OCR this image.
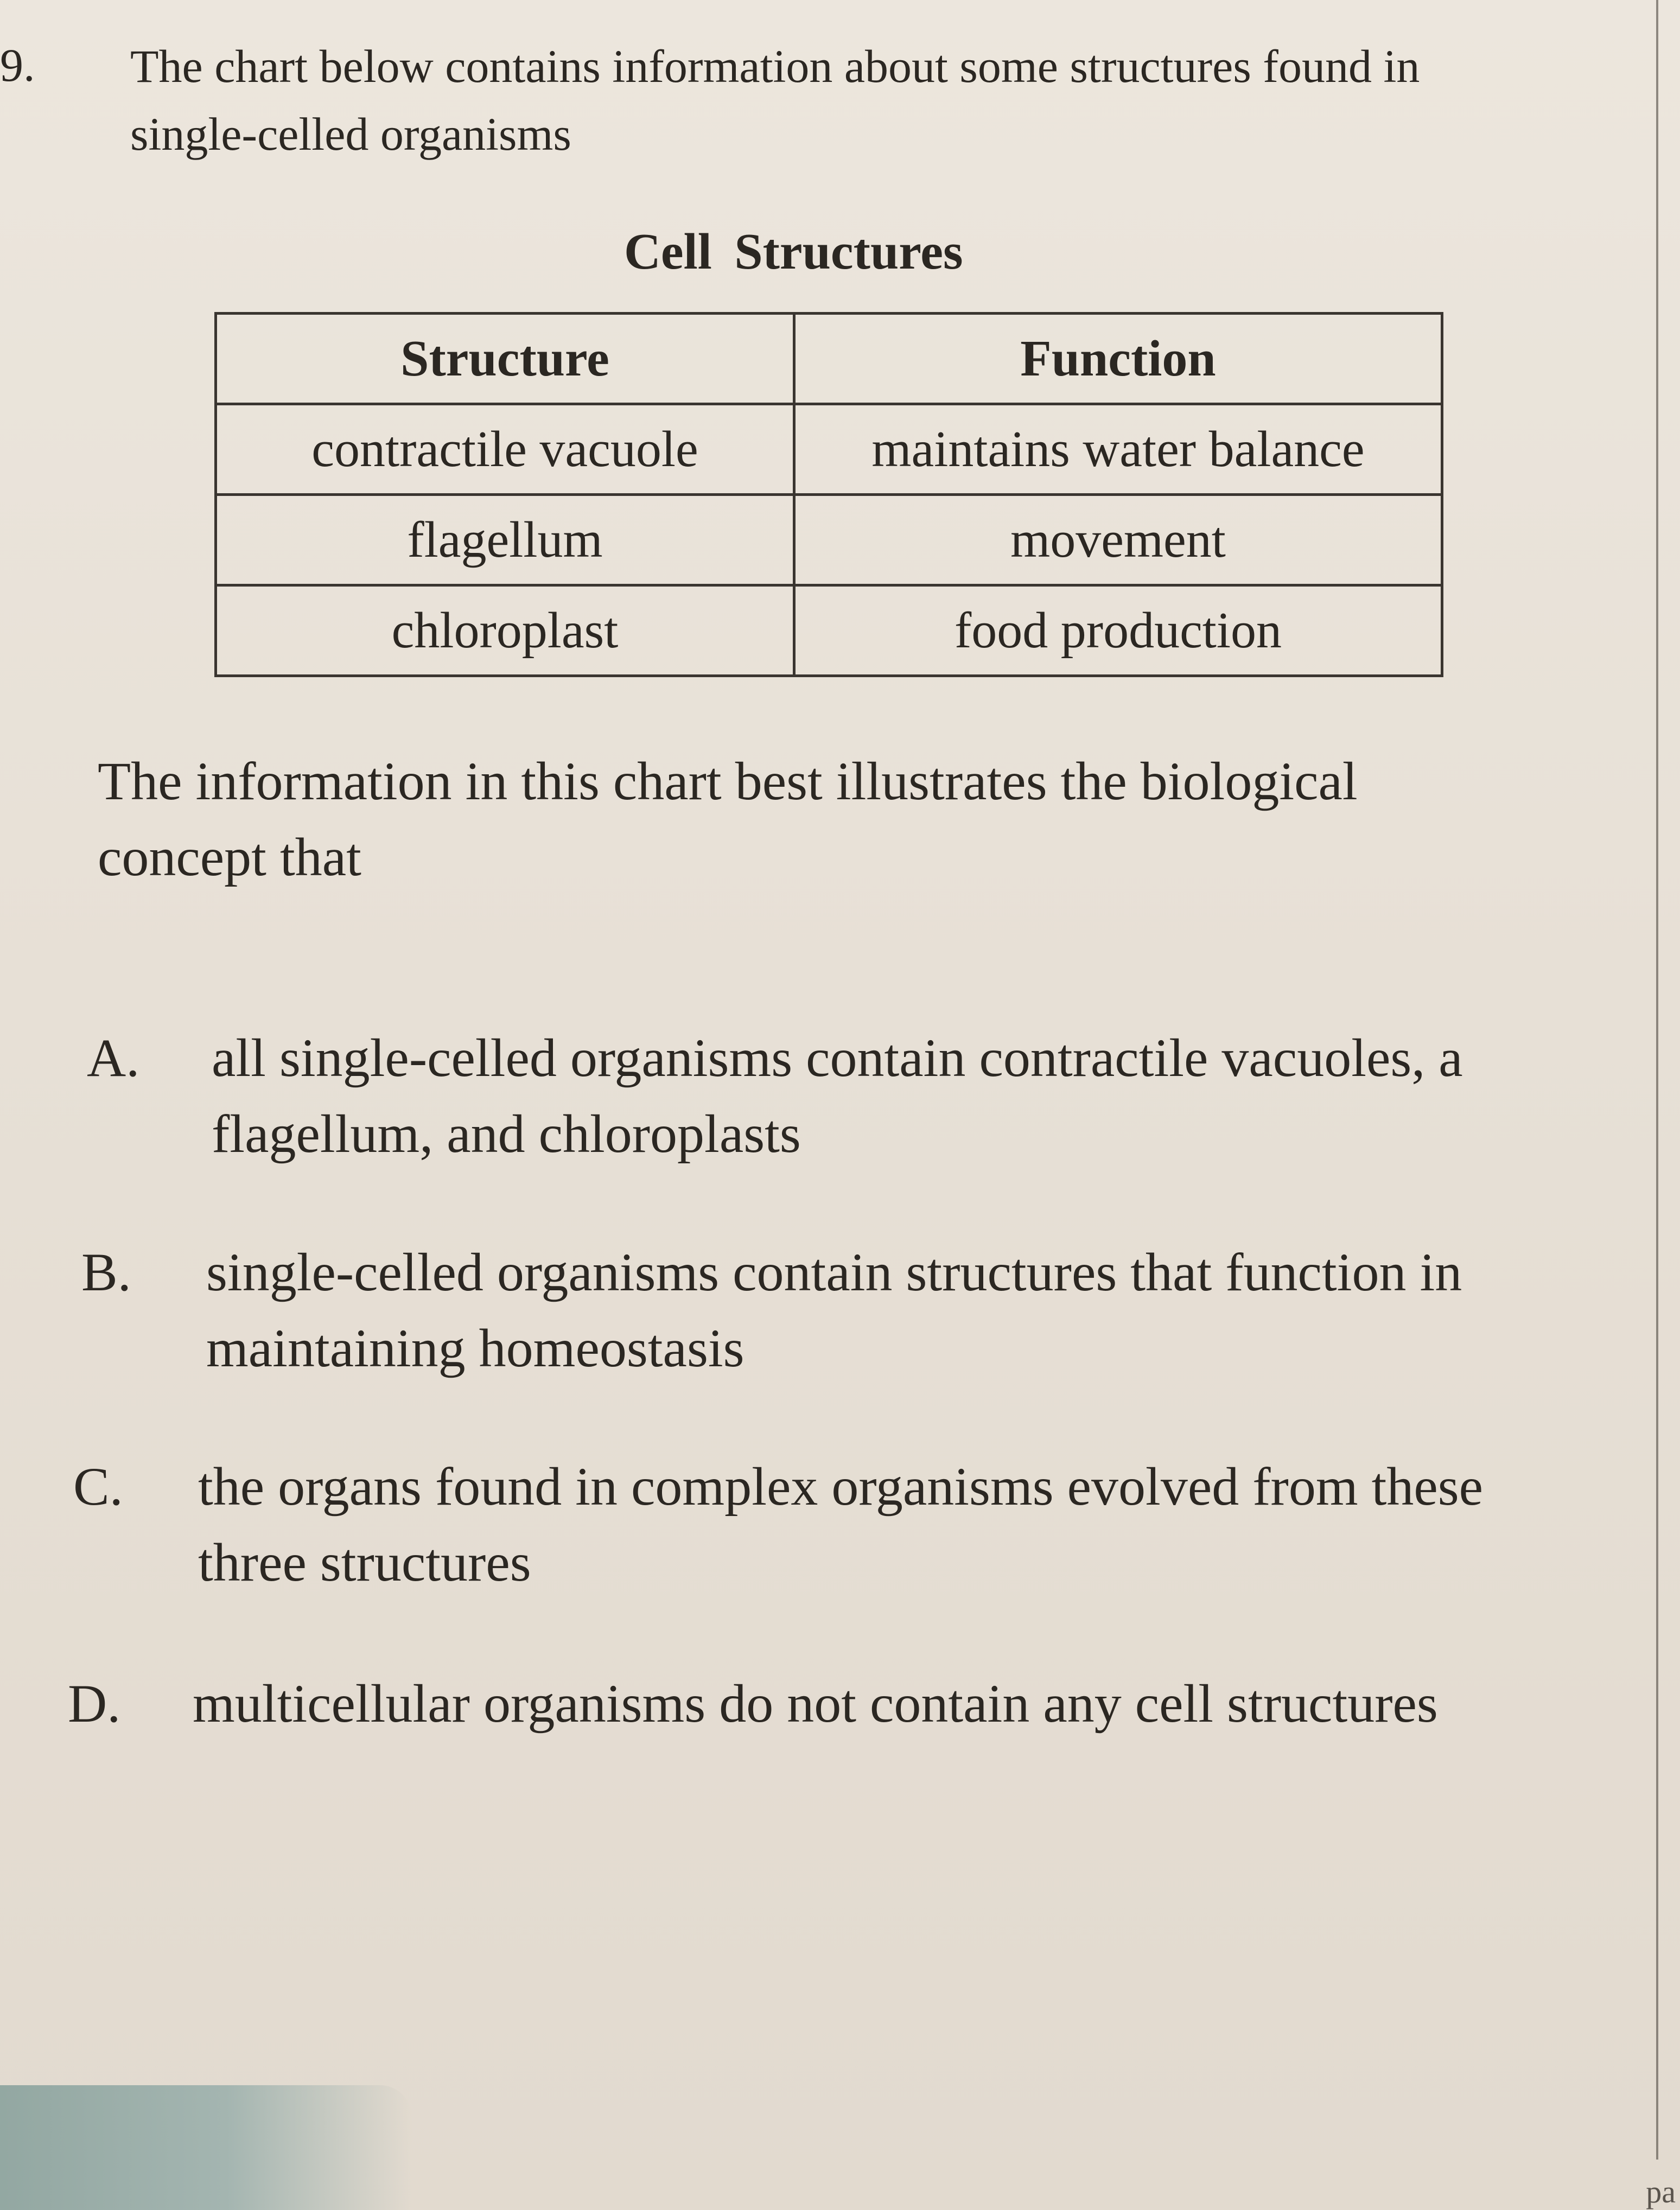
9. The chart below contains information about some structures found in single-celled organisms
Cell Structures
Structure	Function
contractile vacuole	maintains water balance
flagellum	movement
chloroplast	food production
The information in this chart best illustrates the biological concept that
A. all single-celled organisms contain contractile vacuoles, a flagellum, and chloroplasts
B. single-celled organisms contain structures that function in maintaining homeostasis
C. the organs found in complex organisms evolved from these three structures
D. multicellular organisms do not contain any cell structures
pa
